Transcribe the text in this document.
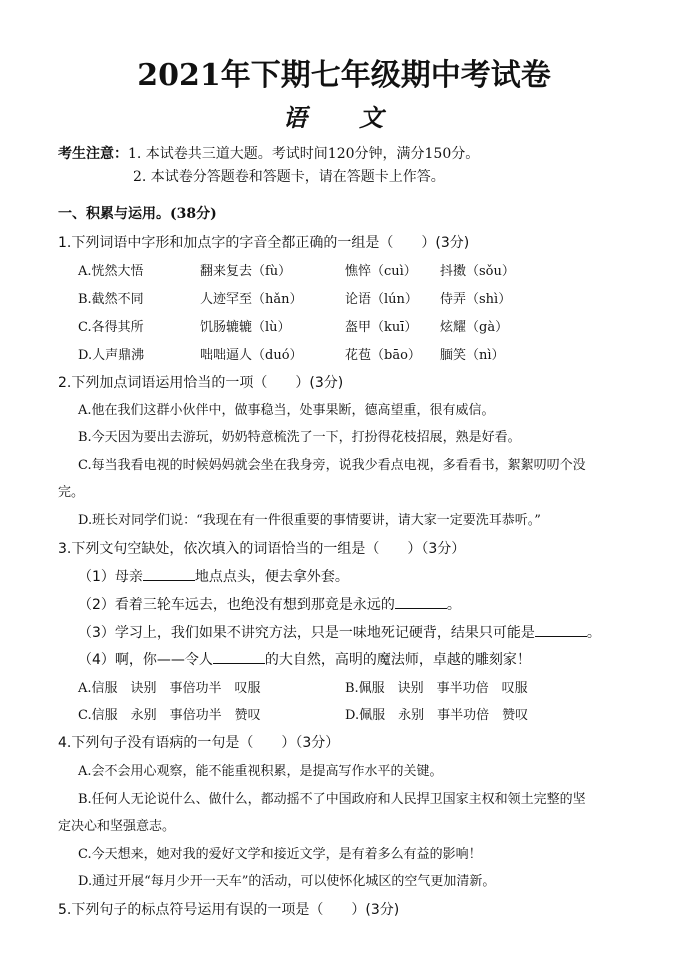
2021年下期七年级期中考试卷
语 文
考生注意：1. 本试卷共三道大题。考试时间120分钟，满分150分。
2. 本试卷分答题卷和答题卡，请在答题卡上作答。
一、积累与运用。(38分)
1.下列词语中字形和加点字的字音全都正确的一组是（　　）(3分)
A.恍然大悟	翻来复去（fù）	憔悴（cuì） 抖擞（sǒu）
B.截然不同	人迹罕至（hǎn）	论语（lún） 侍弄（shì）
C.各得其所	饥肠辘辘（lù）	盔甲（kuī） 炫耀（gà）
D.人声鼎沸	咄咄逼人（duó）	花苞（bāo） 腼笑（nì）
2.下列加点词语运用恰当的一项（　　）(3分)
A.他在我们这群小伙伴中，做事稳当，处事果断，德高望重，很有威信。
B.今天因为要出去游玩，奶奶特意梳洗了一下，打扮得花枝招展，熟是好看。
C.每当我看电视的时候妈妈就会坐在我身旁，说我少看点电视，多看看书，絮絮叨叨个没
完。
D.班长对同学们说：“我现在有一件很重要的事情要讲，请大家一定要洗耳恭听。”
3.下列文句空缺处，依次填入的词语恰当的一组是（　　）（3分）
（1）母亲	地点点头，便去拿外套。
（2）看着三轮车远去，也绝没有想到那竟是永远的	。
（3）学习上，我们如果不讲究方法，只是一味地死记硬背，结果只可能是	。
（4）啊，你——令人	的大自然，高明的魔法师，卓越的雕刻家！
A.信服　诀别　事倍功半　叹服	B.佩服　诀别　事半功倍　叹服
C.信服　永别　事倍功半　赞叹	D.佩服　永别　事半功倍　赞叹
4.下列句子没有语病的一句是（　　）（3分）
A.会不会用心观察，能不能重视积累，是提高写作水平的关键。
B.任何人无论说什么、做什么，都动摇不了中国政府和人民捍卫国家主权和领土完整的坚
定决心和坚强意志。
C.今天想来，她对我的爱好文学和接近文学，是有着多么有益的影响！
D.通过开展“每月少开一天车”的活动，可以使怀化城区的空气更加清新。
5.下列句子的标点符号运用有误的一项是（　　）(3分)
